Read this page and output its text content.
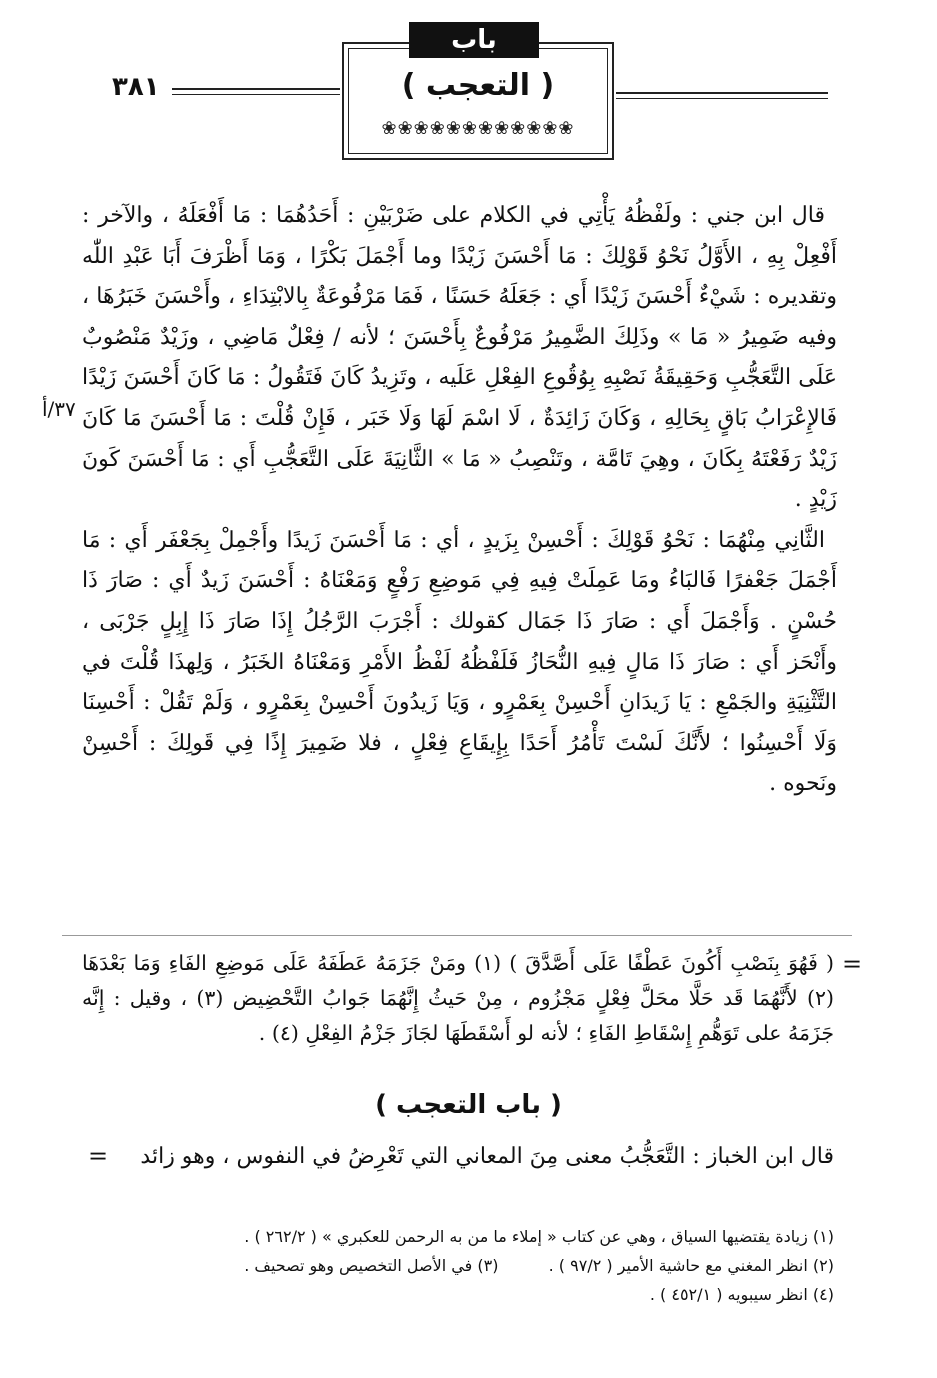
٣٨١
باب
( التعجب )
❀❀❀❀❀❀❀❀❀❀❀❀

قال ابن جني : ولَفْظُهُ يَأْتِي في الكلام على ضَرْبَيْنِ : أَحَدُهُمَا : مَا أَفْعَلَهُ ، والآخر : أَفْعِلْ بِهِ ، الأَوَّلُ نَحْوُ قَوْلِكَ : مَا أَحْسَنَ زَيْدًا وما أَجْمَلَ بَكْرًا ، وَمَا أَظْرَفَ أَبَا عَبْدِ اللّٰه وتقديره : شَيْءٌ أَحْسَنَ زَيْدًا أَي : جَعَلَهُ حَسَنًا ، فَمَا مَرْفُوعَةٌ بِالابْتِدَاءِ ، وأَحْسَنَ خَبَرُهَا ، وفيه ضَمِيرُ « مَا » وذَلِكَ الضَّمِيرُ مَرْفُوعٌ بِأَحْسَنَ ؛ لأنه / فِعْلٌ مَاضِي ، وزَيْدٌ مَنْصُوبٌ عَلَى التَّعَجُّبِ وَحَقِيقَةُ نَصْبِهِ بِوُقُوعِ الفِعْلِ عَلَيه ، وتَزِيدُ كَانَ فَتَقُولُ : مَا كَانَ أَحْسَنَ زَيْدًا فَالإِعْرَابُ بَاقٍ بِحَالِهِ ، وَكَانَ زَائِدَةٌ ، لَا اسْمَ لَهَا وَلَا خَبَر ، فَإِنْ قُلْتَ : مَا أَحْسَنَ مَا كَانَ زَيْدٌ رَفَعْتَهُ بِكَانَ ، وهِيَ تَامَّة ، وتَنْصِبُ « مَا » الثَّانِيَةَ عَلَى التَّعَجُّبِ أَي : مَا أَحْسَنَ كَونَ زَيْدٍ .

الثَّانِي مِنْهُمَا : نَحْوُ قَوْلِكَ : أَحْسِنْ بِزَيدٍ ، أي : مَا أَحْسَنَ زَيدًا وأَجْمِلْ بِجَعْفَر أَي : مَا أَجْمَلَ جَعْفرًا فَالبَاءُ ومَا عَمِلَتْ فِيهِ فِي مَوضِعِ رَفْعٍ وَمَعْنَاهُ : أَحْسَنَ زَيدٌ أَي : صَارَ ذَا حُسْنٍ . وَأَجْمَلَ أَي : صَارَ ذَا جَمَال كقولك : أَجْرَبَ الرَّجُلُ إِذَا صَارَ ذَا إِبِلٍ جَرْبَى ، وأَنْحَز أَي : صَارَ ذَا مَالٍ فِيهِ النُّحَازُ فَلَفْظُهُ لَفْظُ الأَمْرِ وَمَعْنَاهُ الخَبَرُ ، وَلِهذَا قُلْتَ في التَّثْنِيَةِ والجَمْعِ : يَا زَيدَانِ أَحْسِنْ بِعَمْرٍو ، وَيَا زَيدُونَ أَحْسِنْ بِعَمْرٍو ، وَلَمْ تَقُلْ : أَحْسِنَا وَلَا أَحْسِنُوا ؛ لأَنَّكَ لَسْتَ تَأْمُرُ أَحَدًا بِإِيقَاعِ فِعْلٍ ، فلا ضَمِيرَ إِذًا فِي قَولِكَ : أَحْسِنْ ونَحوه .

٣٧/أ
=

( فَهُوَ بِنَصْبِ أَكُونَ عَطْفًا عَلَى أَصَّدَّقَ ) (١) ومَنْ جَزَمَهُ عَطَفَهُ عَلَى مَوضِعِ الفَاءِ وَمَا بَعْدَهَا (٢) لأَنَّهُمَا قَد حَلَّا محَلَّ فِعْلٍ مَجْزُوم ، مِنْ حَيثُ إِنَّهُمَا جَوابُ التَّحْضِيض (٣) ، وقيل : إِنَّه جَزَمَهُ على تَوَهُّمِ إِسْقَاطِ الفَاءِ ؛ لأنه لو أَسْقَطَهَا لجَازَ جَزْمُ الفِعْلِ (٤) .

( باب التعجب )
قال ابن الخباز : التَّعَجُّبُ معنى مِنَ المعاني التي تَعْرِضُ في النفوس ، وهو زائد
=
(١) زيادة يقتضيها السياق ، وهي عن كتاب « إملاء ما من به الرحمن للعكبري » ( ٢٦٢/٢ ) .
(٢) انظر المغني مع حاشية الأمير ( ٩٧/٢ ) .  (٣) في الأصل التخصيص وهو تصحيف .
(٤) انظر سيبويه ( ٤٥٢/١ ) .
